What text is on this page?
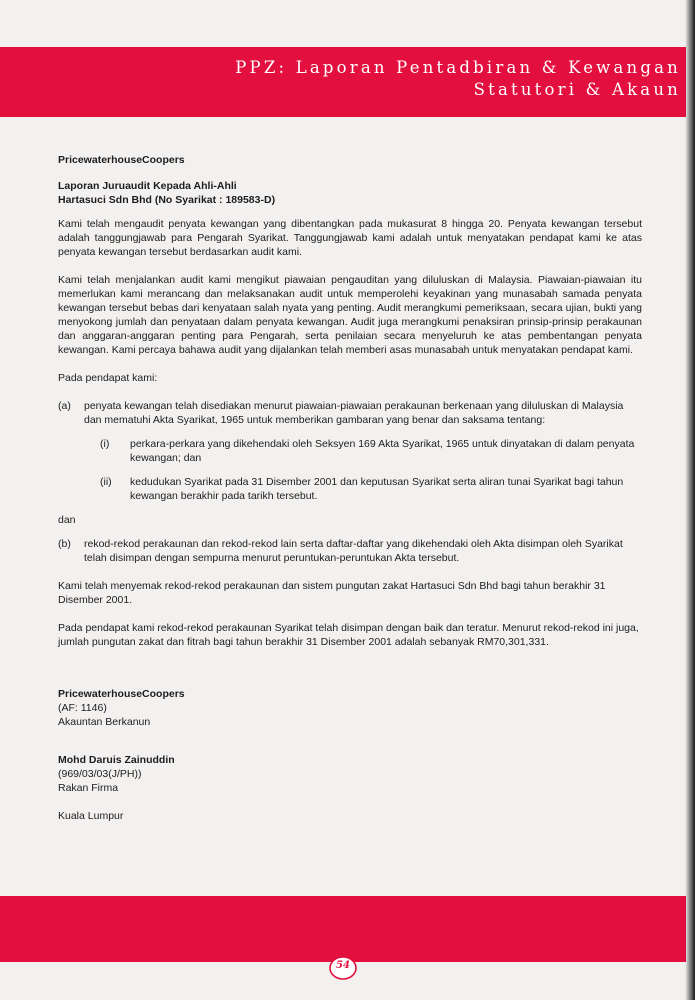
PPZ: Laporan Pentadbiran & Kewangan
Statutori & Akaun

PricewaterhouseCoopers

Laporan Juruaudit Kepada Ahli-Ahli

Hartasuci Sdn Bhd (No Syarikat : 189583-D)

Kami telah mengaudit penyata kewangan yang dibentangkan pada mukasurat 8 hingga 20. Penyata kewangan tersebut adalah tanggungjawab para Pengarah Syarikat. Tanggungjawab kami adalah untuk menyatakan pendapat kami ke atas penyata kewangan tersebut berdasarkan audit kami.

Kami telah menjalankan audit kami mengikut piawaian pengauditan yang diluluskan di Malaysia. Piawaian-piawaian itu memerlukan kami merancang dan melaksanakan audit untuk memperolehi keyakinan yang munasabah samada penyata kewangan tersebut bebas dari kenyataan salah nyata yang penting. Audit merangkumi pemeriksaan, secara ujian, bukti yang menyokong jumlah dan penyataan dalam penyata kewangan. Audit juga merangkumi penaksiran prinsip-prinsip perakaunan dan anggaran-anggaran penting para Pengarah, serta penilaian secara menyeluruh ke atas pembentangan penyata kewangan. Kami percaya bahawa audit yang dijalankan telah memberi asas munasabah untuk menyatakan pendapat kami.

Pada pendapat kami:

(a)	penyata kewangan telah disediakan menurut piawaian-piawaian perakaunan berkenaan yang diluluskan di Malaysia dan mematuhi Akta Syarikat, 1965 untuk memberikan gambaran yang benar dan saksama tentang:
(i)	perkara-perkara yang dikehendaki oleh Seksyen 169 Akta Syarikat, 1965 untuk dinyatakan di dalam penyata kewangan; dan
(ii)	kedudukan Syarikat pada 31 Disember 2001 dan keputusan Syarikat serta aliran tunai Syarikat bagi tahun kewangan berakhir pada tarikh tersebut.

dan

(b)	rekod-rekod perakaunan dan rekod-rekod lain serta daftar-daftar yang dikehendaki oleh Akta disimpan oleh Syarikat telah disimpan dengan sempurna menurut peruntukan-peruntukan Akta tersebut.

Kami telah menyemak rekod-rekod perakaunan dan sistem pungutan zakat Hartasuci Sdn Bhd bagi tahun berakhir 31 Disember 2001.

Pada pendapat kami rekod-rekod perakaunan Syarikat telah disimpan dengan baik dan teratur. Menurut rekod-rekod ini juga, jumlah pungutan zakat dan fitrah bagi tahun berakhir 31 Disember 2001 adalah sebanyak RM70,301,331.

PricewaterhouseCoopers

(AF: 1146)

Akauntan Berkanun

Mohd Daruis Zainuddin

(969/03/03(J/PH))

Rakan Firma

Kuala Lumpur

54
